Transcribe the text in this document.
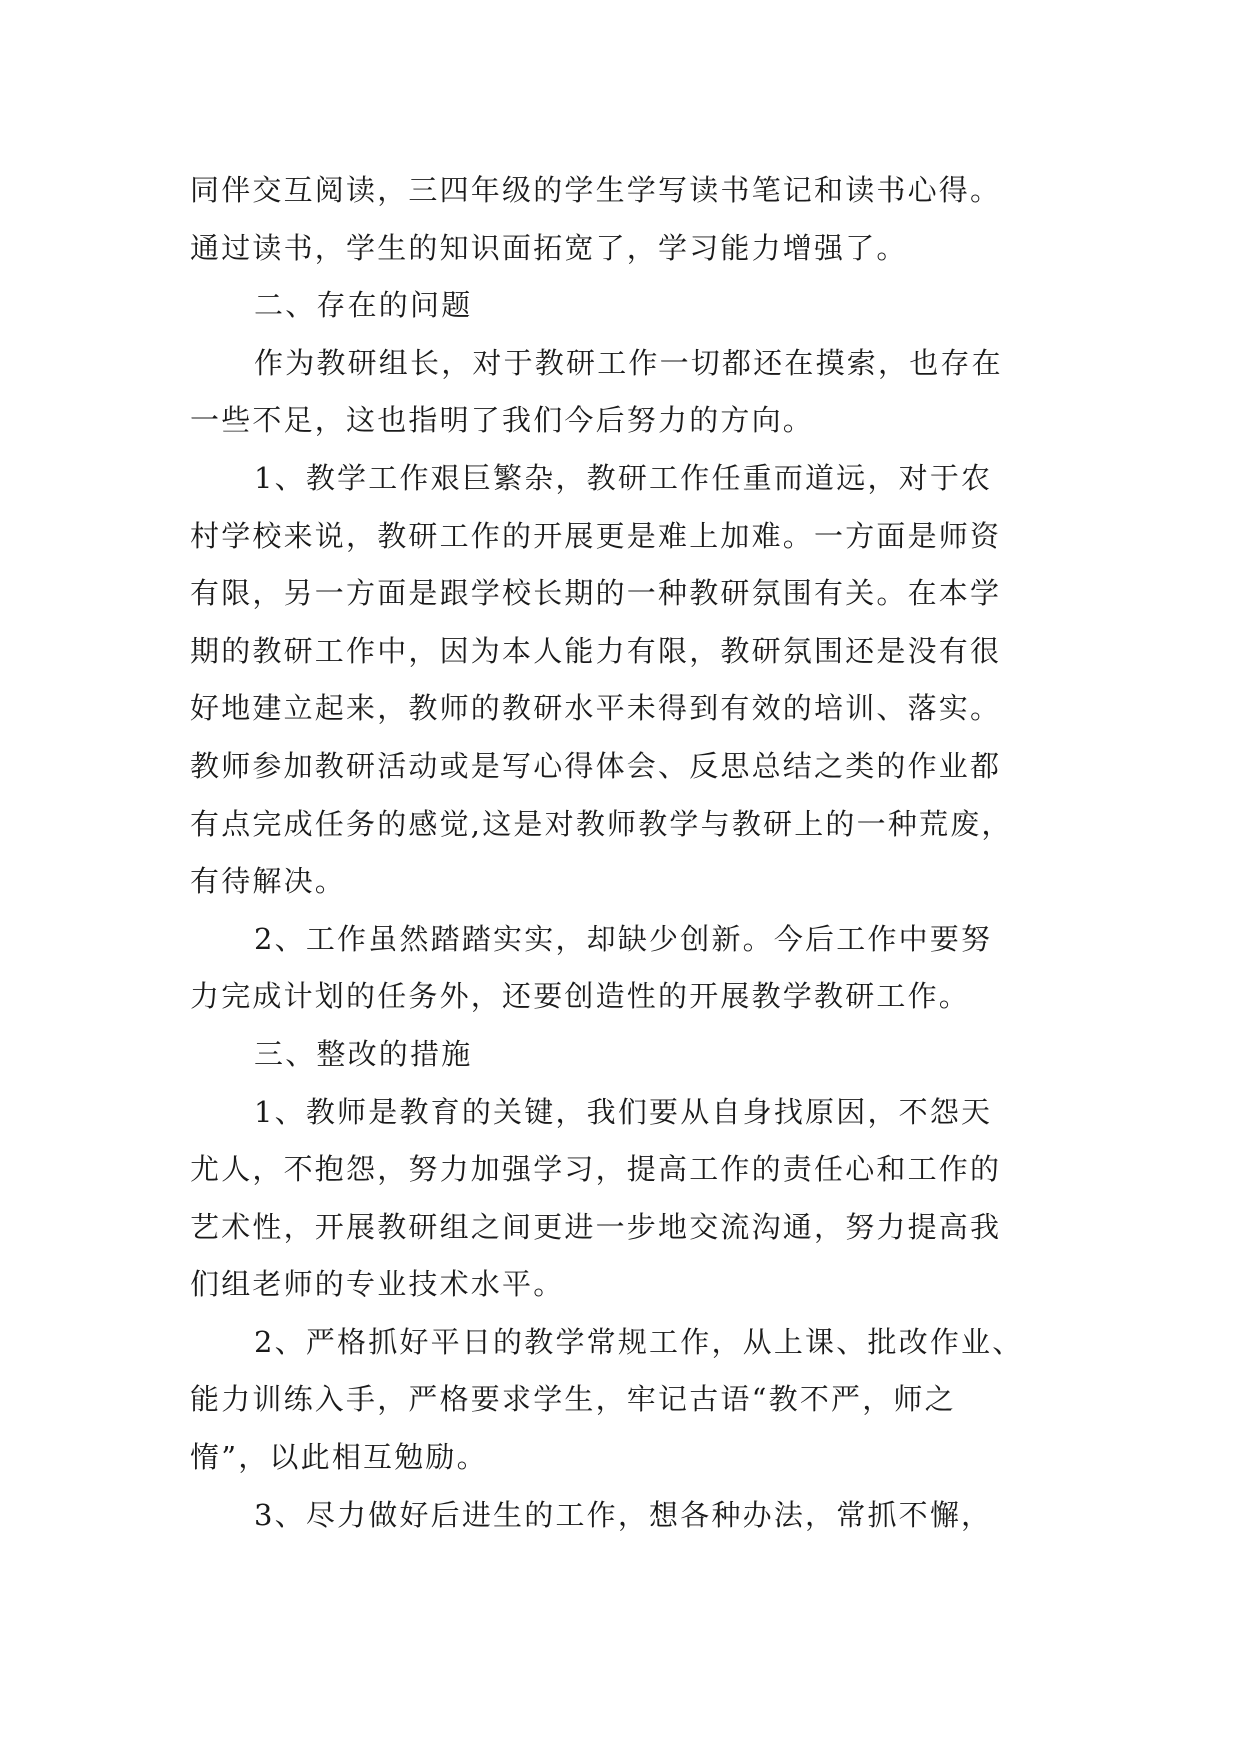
同伴交互阅读，三四年级的学生学写读书笔记和读书心得。
通过读书，学生的知识面拓宽了，学习能力增强了。
二、存在的问题
作为教研组长，对于教研工作一切都还在摸索，也存在
一些不足，这也指明了我们今后努力的方向。
1、教学工作艰巨繁杂，教研工作任重而道远，对于农
村学校来说，教研工作的开展更是难上加难。一方面是师资
有限，另一方面是跟学校长期的一种教研氛围有关。在本学
期的教研工作中，因为本人能力有限，教研氛围还是没有很
好地建立起来，教师的教研水平未得到有效的培训、落实。
教师参加教研活动或是写心得体会、反思总结之类的作业都
有点完成任务的感觉,这是对教师教学与教研上的一种荒废，
有待解决。
2、工作虽然踏踏实实，却缺少创新。今后工作中要努
力完成计划的任务外，还要创造性的开展教学教研工作。
三、整改的措施
1、教师是教育的关键，我们要从自身找原因，不怨天
尤人，不抱怨，努力加强学习，提高工作的责任心和工作的
艺术性，开展教研组之间更进一步地交流沟通，努力提高我
们组老师的专业技术水平。
2、严格抓好平日的教学常规工作，从上课、批改作业、
能力训练入手，严格要求学生，牢记古语“教不严，师之
惰”，以此相互勉励。
3、尽力做好后进生的工作，想各种办法，常抓不懈，
